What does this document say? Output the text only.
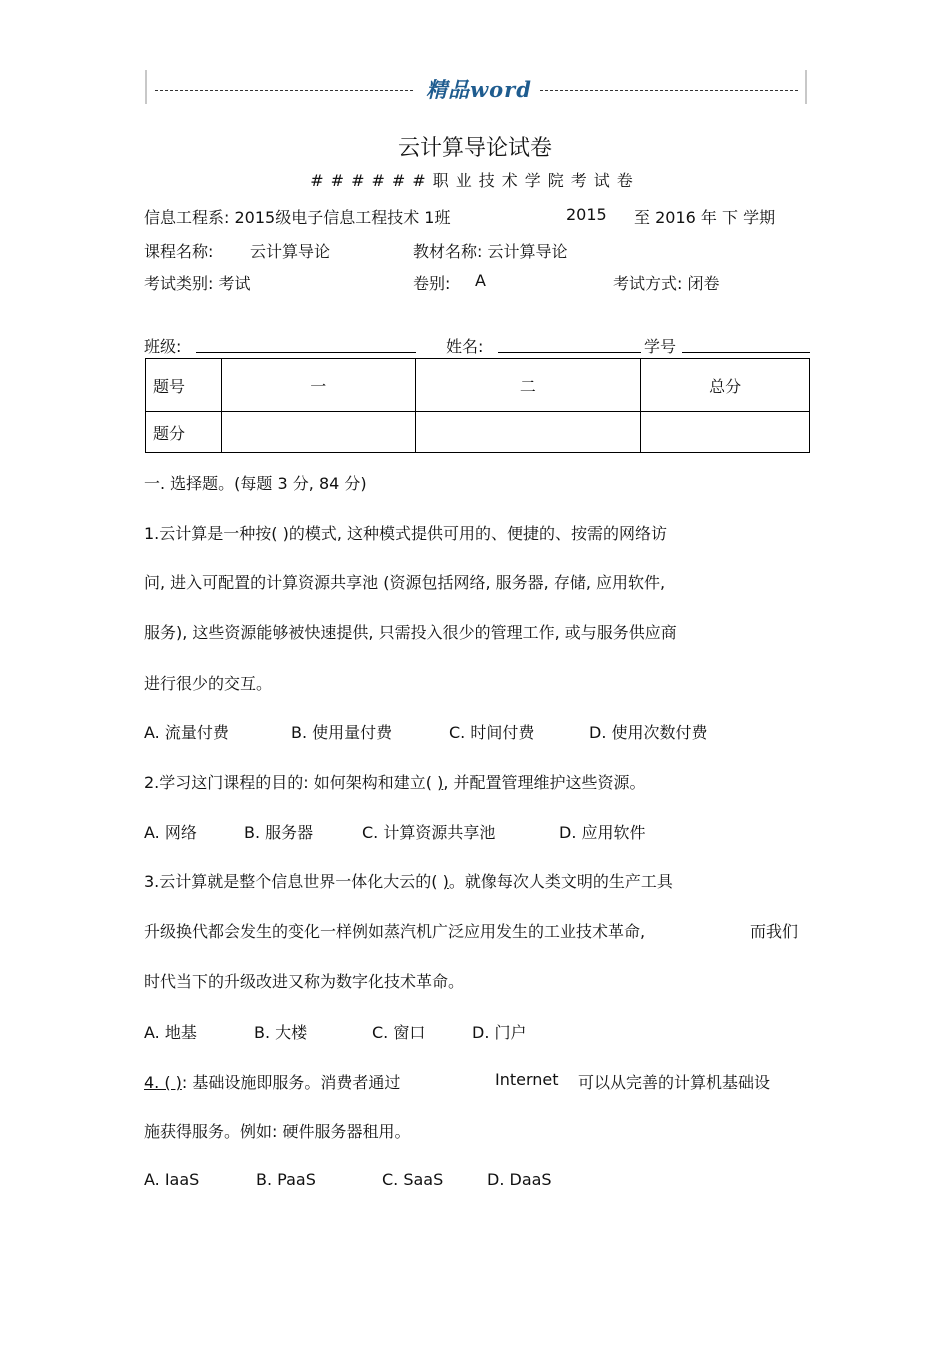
精品word
云计算导论试卷
######职业技术学院考试卷
信息工程系: 2015级电子信息工程技术 1班	2015 至 2016 年 下 学期
课程名称: 云计算导论	教材名称: 云计算导论
考试类别: 考试	卷别: A	考试方式: 闭卷
班级:	姓名:	学号
题号	一	二	总分
题分			
一. 选择题。(每题 3 分, 84 分)
1.云计算是一种按( )的模式, 这种模式提供可用的、便捷的、按需的网络访
问, 进入可配置的计算资源共享池 (资源包括网络, 服务器, 存储, 应用软件,
服务), 这些资源能够被快速提供, 只需投入很少的管理工作, 或与服务供应商
进行很少的交互。
A. 流量付费	B. 使用量付费	C. 时间付费	D. 使用次数付费
2.学习这门课程的目的: 如何架构和建立( ), 并配置管理维护这些资源。
A. 网络	B. 服务器	C. 计算资源共享池	D. 应用软件
3.云计算就是整个信息世界一体化大云的( )。就像每次人类文明的生产工具
升级换代都会发生的变化一样例如蒸汽机广泛应用发生的工业技术革命,	而我们
时代当下的升级改进又称为数字化技术革命。
A. 地基	B. 大楼	C. 窗口	D. 门户
4. ( ): 基础设施即服务。消费者通过	Internet 可以从完善的计算机基础设
施获得服务。例如: 硬件服务器租用。
A. IaaS	B. PaaS	C. SaaS	D. DaaS
